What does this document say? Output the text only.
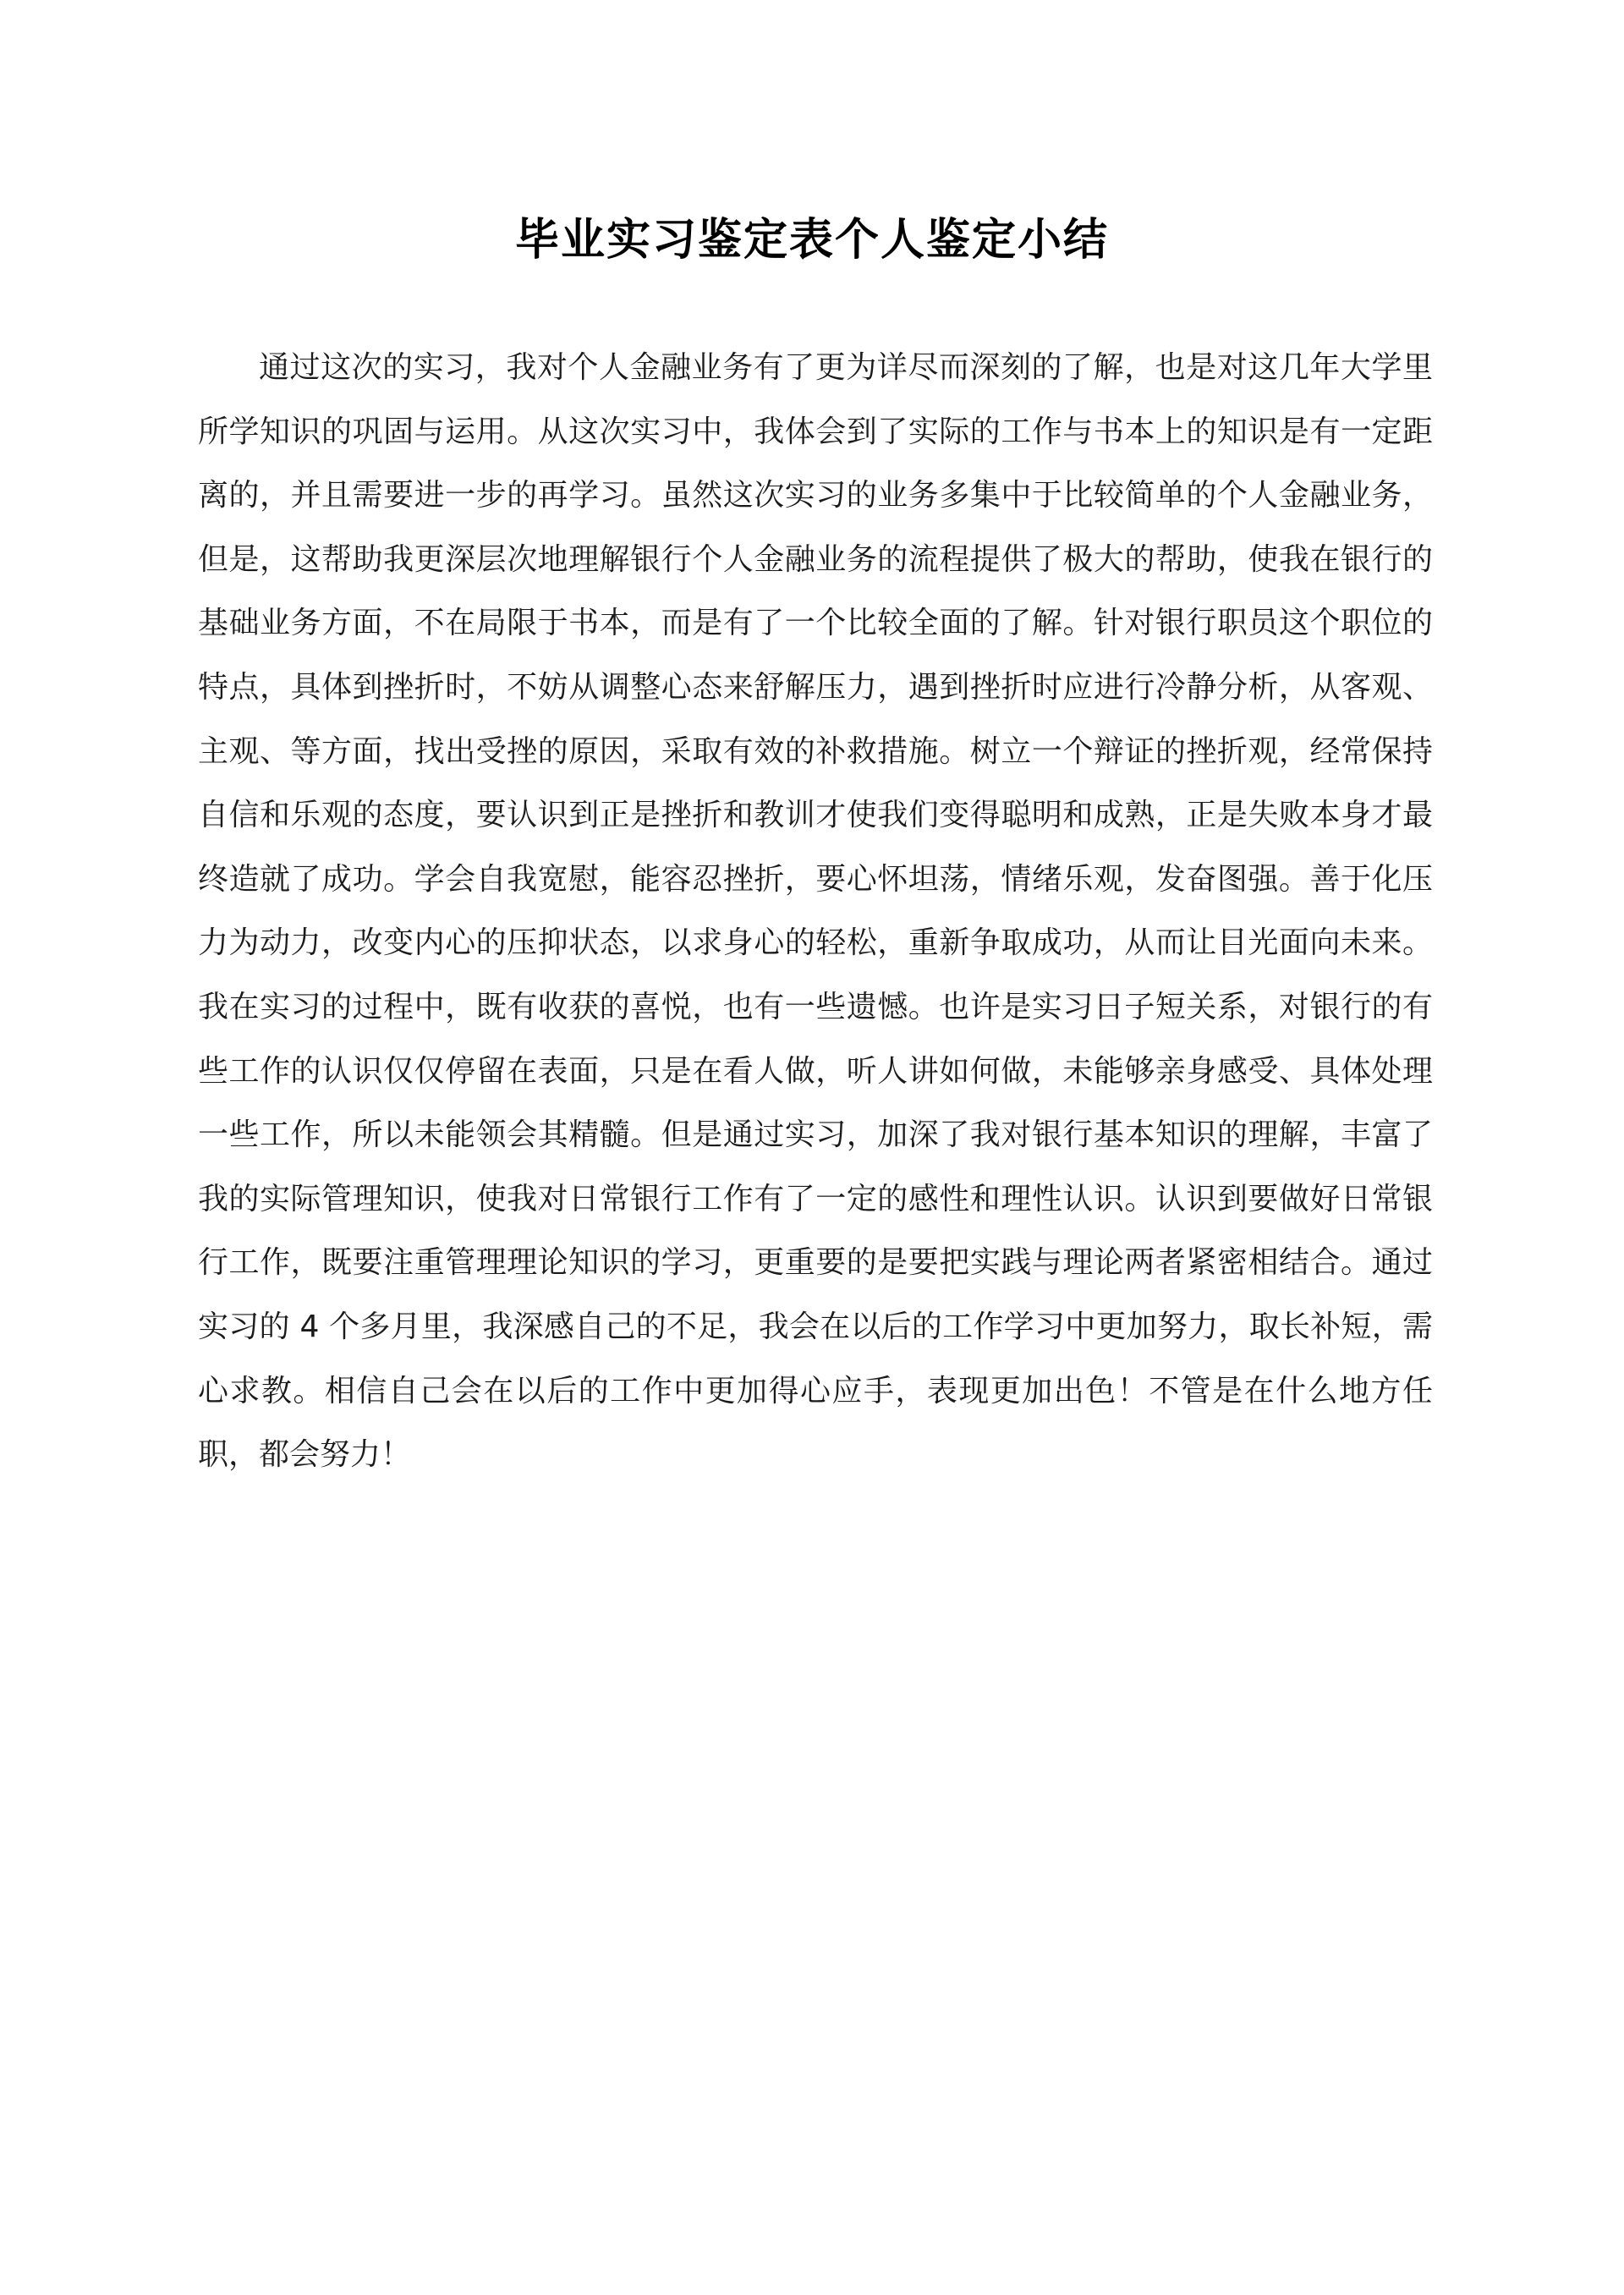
毕业实习鉴定表个人鉴定小结

通过这次的实习，我对个人金融业务有了更为详尽而深刻的了解，也是对这几年大学里所学知识的巩固与运用。从这次实习中，我体会到了实际的工作与书本上的知识是有一定距离的，并且需要进一步的再学习。虽然这次实习的业务多集中于比较简单的个人金融业务，但是，这帮助我更深层次地理解银行个人金融业务的流程提供了极大的帮助，使我在银行的基础业务方面，不在局限于书本，而是有了一个比较全面的了解。针对银行职员这个职位的特点，具体到挫折时，不妨从调整心态来舒解压力，遇到挫折时应进行冷静分析，从客观、主观、等方面，找出受挫的原因，采取有效的补救措施。树立一个辩证的挫折观，经常保持自信和乐观的态度，要认识到正是挫折和教训才使我们变得聪明和成熟，正是失败本身才最终造就了成功。学会自我宽慰，能容忍挫折，要心怀坦荡，情绪乐观，发奋图强。善于化压力为动力，改变内心的压抑状态，以求身心的轻松，重新争取成功，从而让目光面向未来。我在实习的过程中，既有收获的喜悦，也有一些遗憾。也许是实习日子短关系，对银行的有些工作的认识仅仅停留在表面，只是在看人做，听人讲如何做，未能够亲身感受、具体处理一些工作，所以未能领会其精髓。但是通过实习，加深了我对银行基本知识的理解，丰富了我的实际管理知识，使我对日常银行工作有了一定的感性和理性认识。认识到要做好日常银行工作，既要注重管理理论知识的学习，更重要的是要把实践与理论两者紧密相结合。通过实习的 4 个多月里，我深感自己的不足，我会在以后的工作学习中更加努力，取长补短，需心求教。相信自己会在以后的工作中更加得心应手，表现更加出色！不管是在什么地方任职，都会努力！
